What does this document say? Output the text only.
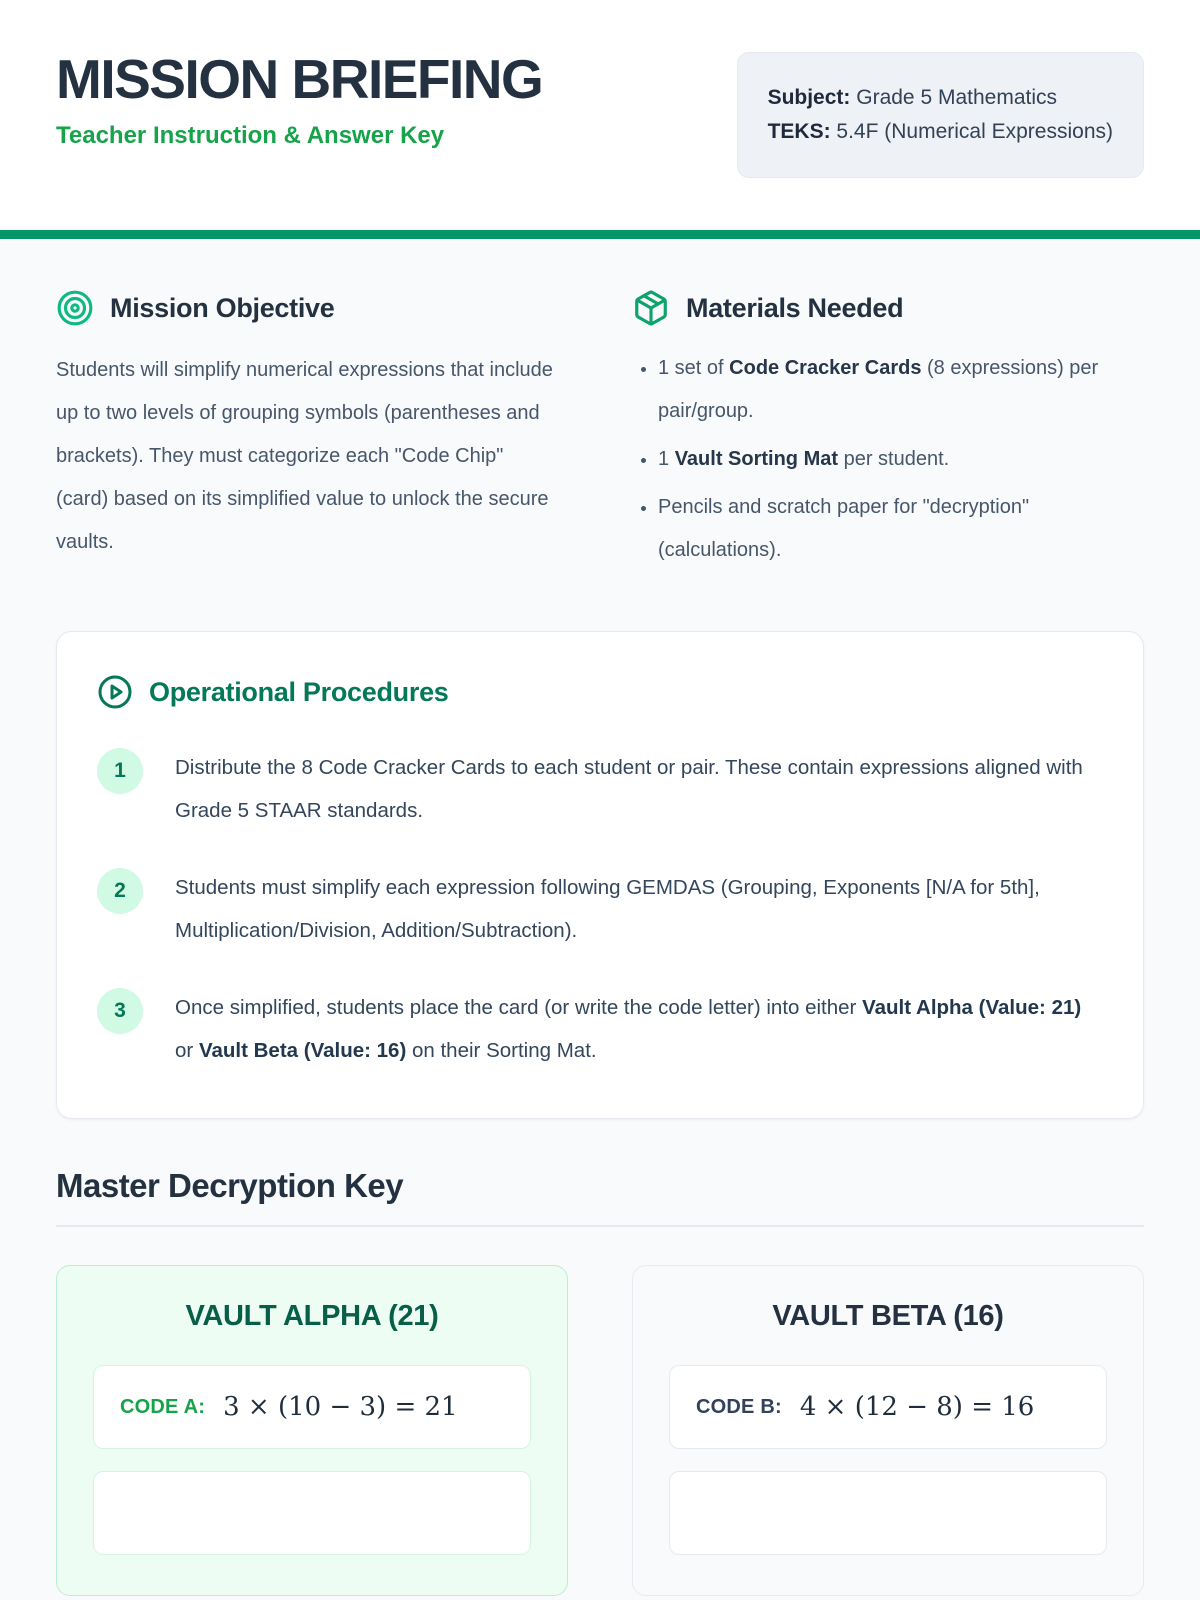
MISSION BRIEFING
Teacher Instruction & Answer Key
Subject: Grade 5 Mathematics
TEKS: 5.4F (Numerical Expressions)
Mission Objective

Students will simplify numerical expressions that include up to two levels of grouping symbols (parentheses and brackets). They must categorize each "Code Chip" (card) based on its simplified value to unlock the secure vaults.

Materials Needed
• 1 set of Code Cracker Cards (8 expressions) per pair/group.
• 1 Vault Sorting Mat per student.
• Pencils and scratch paper for "decryption" (calculations).
Operational Procedures
1	Distribute the 8 Code Cracker Cards to each student or pair. These contain expressions aligned with Grade 5 STAAR standards.
2	Students must simplify each expression following GEMDAS (Grouping, Exponents [N/A for 5th], Multiplication/Division, Addition/Subtraction).
3	Once simplified, students place the card (or write the code letter) into either Vault Alpha (Value: 21) or Vault Beta (Value: 16) on their Sorting Mat.
Master Decryption Key
VAULT ALPHA (21)
CODE A: 3 × (10 − 3) = 21
VAULT BETA (16)
CODE B: 4 × (12 − 8) = 16
